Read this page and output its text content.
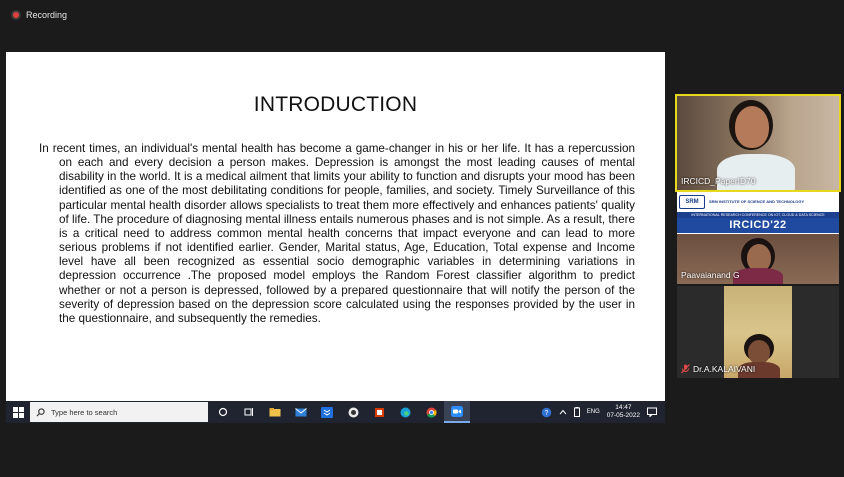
Recording
INTRODUCTION
In recent times, an individual's mental health has become a game-changer in his or her life. It has a repercussion on each and every decision a person makes. Depression is amongst the most leading causes of mental disability in the world. It is a medical ailment that limits your ability to function and disrupts your mood has been identified as one of the most debilitating conditions for people, families, and society. Timely Surveillance of this particular mental health disorder allows specialists to treat them more effectively and enhances patients' quality of life. The procedure of diagnosing mental illness entails numerous phases and is not simple. As a result, there is a critical need to address common mental health concerns that impact everyone and can lead to more serious problems if not identified earlier. Gender, Marital status, Age, Education, Total expense and Income level have all been recognized as essential socio demographic variables in determining variations in depression occurrence .The proposed model employs the Random Forest classifier algorithm to predict whether or not a person is depressed, followed by a prepared questionnaire that will notify the person of the severity of depression based on the depression score calculated using the responses provided by the user in the questionnaire, and subsequently the remedies.
Type here to search	?	ENG
14:47
07-05-2022
IRCICD_PaperID70
SRM	SRM INSTITUTE OF SCIENCE AND TECHNOLOGY
INTERNATIONAL RESEARCH CONFERENCE ON IOT, CLOUD & DATA SCIENCE
IRCICD'22
Paavaianand G
Dr.A.KALAIVANI
